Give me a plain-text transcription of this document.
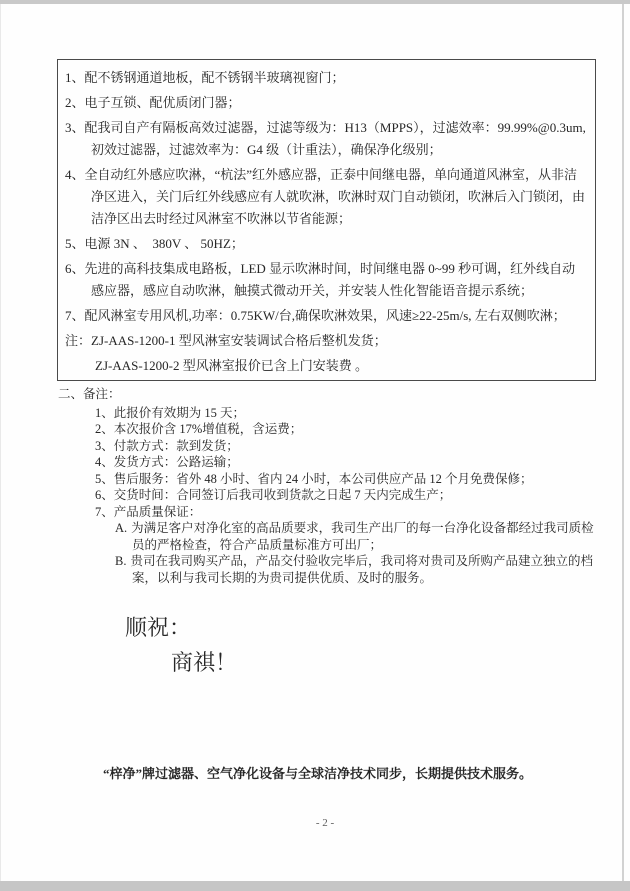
1、配不锈钢通道地板，配不锈钢半玻璃视窗门；
2、电子互锁、配优质闭门器；
3、配我司自产有隔板高效过滤器，过滤等级为：H13（MPPS），过滤效率：99.99%@0.3um,初效过滤器，过滤效率为：G4 级（计重法），确保净化级别；
4、全自动红外感应吹淋，“杭法”红外感应器，正泰中间继电器，单向通道风淋室，从非洁净区进入，关门后红外线感应有人就吹淋，吹淋时双门自动锁闭，吹淋后入门锁闭，由洁净区出去时经过风淋室不吹淋以节省能源；
5、电源 3N 、　380V 、 50HZ；
6、先进的高科技集成电路板，LED 显示吹淋时间，时间继电器 0~99 秒可调，红外线自动感应器，感应自动吹淋，触摸式微动开关，并安装人性化智能语音提示系统；
7、配风淋室专用风机,功率：0.75KW/台,确保吹淋效果，风速≥22-25m/s, 左右双侧吹淋；
注：ZJ-AAS-1200-1 型风淋室安装调试合格后整机发货；
ZJ-AAS-1200-2 型风淋室报价已含上门安装费 。
二、备注：
1、此报价有效期为 15 天；
2、本次报价含 17%增值税，含运费；
3、付款方式：款到发货；
4、发货方式：公路运输；
5、售后服务：省外 48 小时、省内 24 小时，本公司供应产品 12 个月免费保修；
6、交货时间：合同签订后我司收到货款之日起 7 天内完成生产；
7、产品质量保证：
A. 为满足客户对净化室的高品质要求，我司生产出厂的每一台净化设备都经过我司质检员的严格检查，符合产品质量标准方可出厂；
B. 贵司在我司购买产品，产品交付验收完毕后，我司将对贵司及所购产品建立独立的档案，以利与我司长期的为贵司提供优质、及时的服务。
顺祝：
商祺！
“梓净”牌过滤器、空气净化设备与全球洁净技术同步，长期提供技术服务。
- 2 -
